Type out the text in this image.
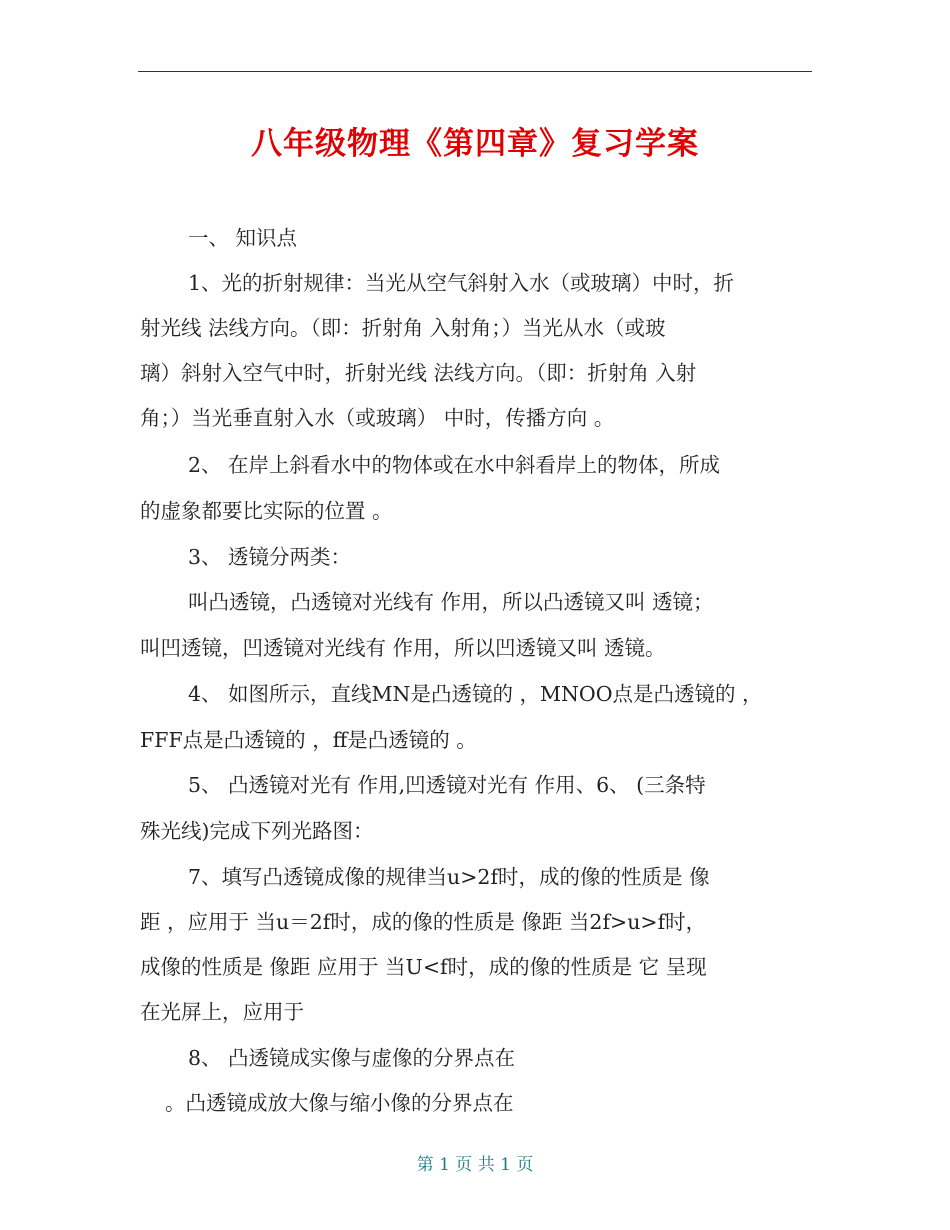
八年级物理《第四章》复习学案
一、 知识点
1、光的折射规律：当光从空气斜射入水（或玻璃）中时，折
射光线 法线方向。（即：折射角 入射角；）当光从水（或玻
璃）斜射入空气中时，折射光线 法线方向。（即：折射角 入射
角；）当光垂直射入水（或玻璃） 中时，传播方向 。
2、 在岸上斜看水中的物体或在水中斜看岸上的物体，所成
的虚象都要比实际的位置 。
3、 透镜分两类：
叫凸透镜，凸透镜对光线有 作用，所以凸透镜又叫 透镜；
叫凹透镜，凹透镜对光线有 作用，所以凹透镜又叫 透镜。
4、 如图所示，直线MN是凸透镜的 ，MNOO点是凸透镜的 ，
FFF点是凸透镜的 ，ff是凸透镜的 。
5、 凸透镜对光有 作用,凹透镜对光有 作用、6、 (三条特
殊光线)完成下列光路图：
7、填写凸透镜成像的规律当u>2f时，成的像的性质是 像
距 ，应用于 当u＝2f时，成的像的性质是 像距 当2f>u>f时，
成像的性质是 像距 应用于 当U<f时，成的像的性质是 它 呈现
在光屏上，应用于
8、 凸透镜成实像与虚像的分界点在
。凸透镜成放大像与缩小像的分界点在
第 1 页 共 1 页
